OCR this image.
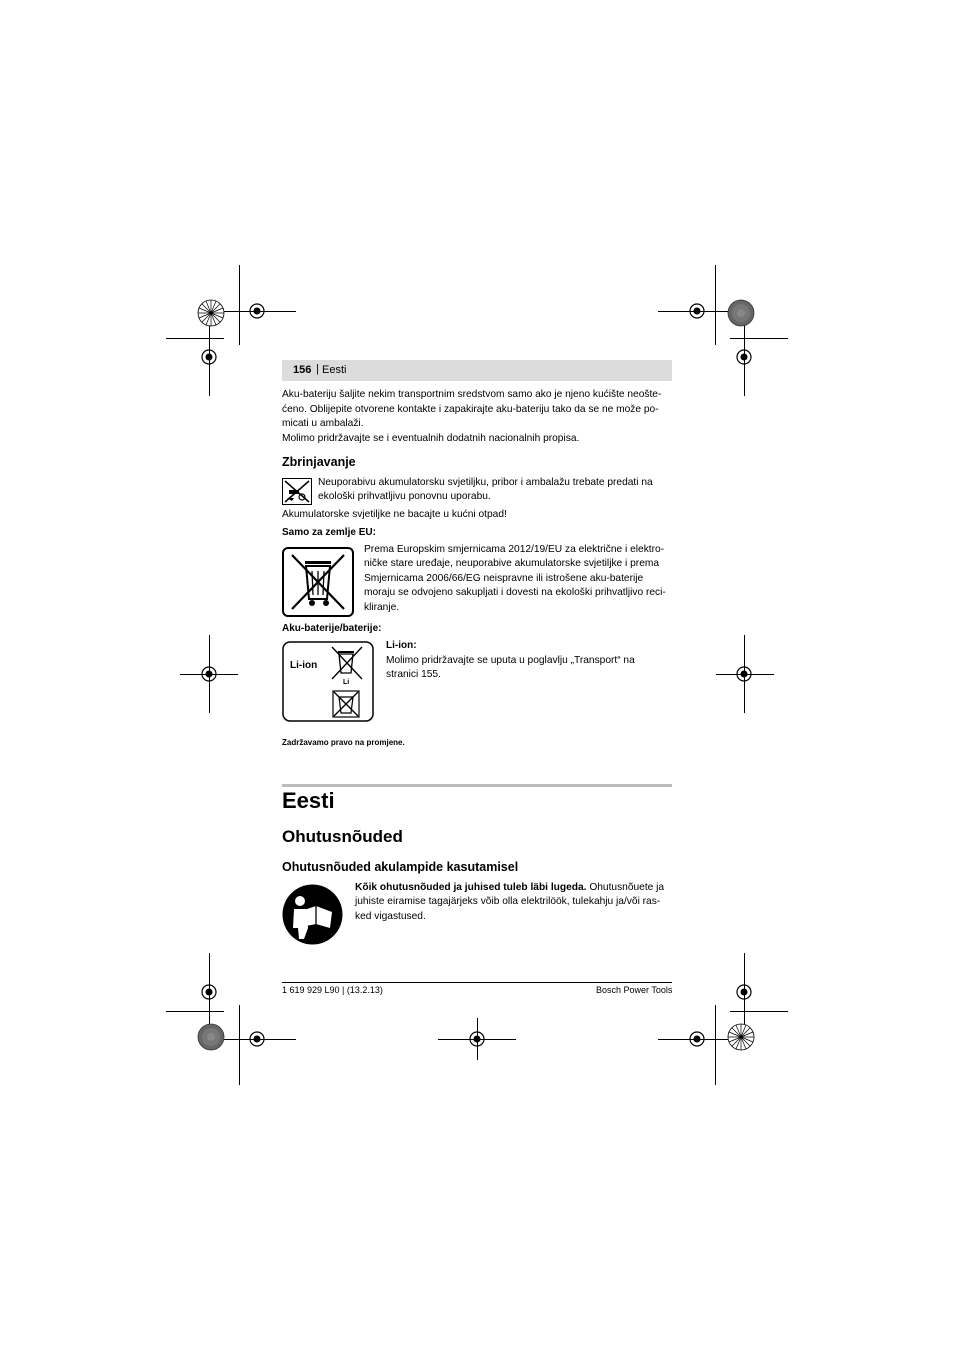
156 | Eesti
Aku-bateriju šaljite nekim transportnim sredstvom samo ako je njeno kućište neošte-
ćeno. Oblijepite otvorene kontakte i zapakirajte aku-bateriju tako da se ne može po-
micati u ambalaži.
Molimo pridržavajte se i eventualnih dodatnih nacionalnih propisa.
Zbrinjavanje
Neuporabivu akumulatorsku svjetiljku, pribor i ambalažu trebate predati na
ekološki prihvatljivu ponovnu uporabu.
Akumulatorske svjetiljke ne bacajte u kućni otpad!
Samo za zemlje EU:
Prema Europskim smjernicama 2012/19/EU za električne i elektro-
ničke stare uređaje, neuporabive akumulatorske svjetiljke i prema
Smjernicama 2006/66/EG neispravne ili istrošene aku-baterije
moraju se odvojeno sakupljati i dovesti na ekološki prihvatljivo reci-
kliranje.
Aku-baterije/baterije:
Li-ion
Li
Li-ion:
Molimo pridržavajte se uputa u poglavlju „Transport“ na
stranici 155.
Zadržavamo pravo na promjene.
Eesti
Ohutusnõuded
Ohutusnõuded akulampide kasutamisel
Kõik ohutusnõuded ja juhised tuleb läbi lugeda. Ohutusnõuete ja
juhiste eiramise tagajärjeks võib olla elektrilöök, tulekahju ja/või ras-
ked vigastused.
1 619 929 L90 | (13.2.13)	Bosch Power Tools
